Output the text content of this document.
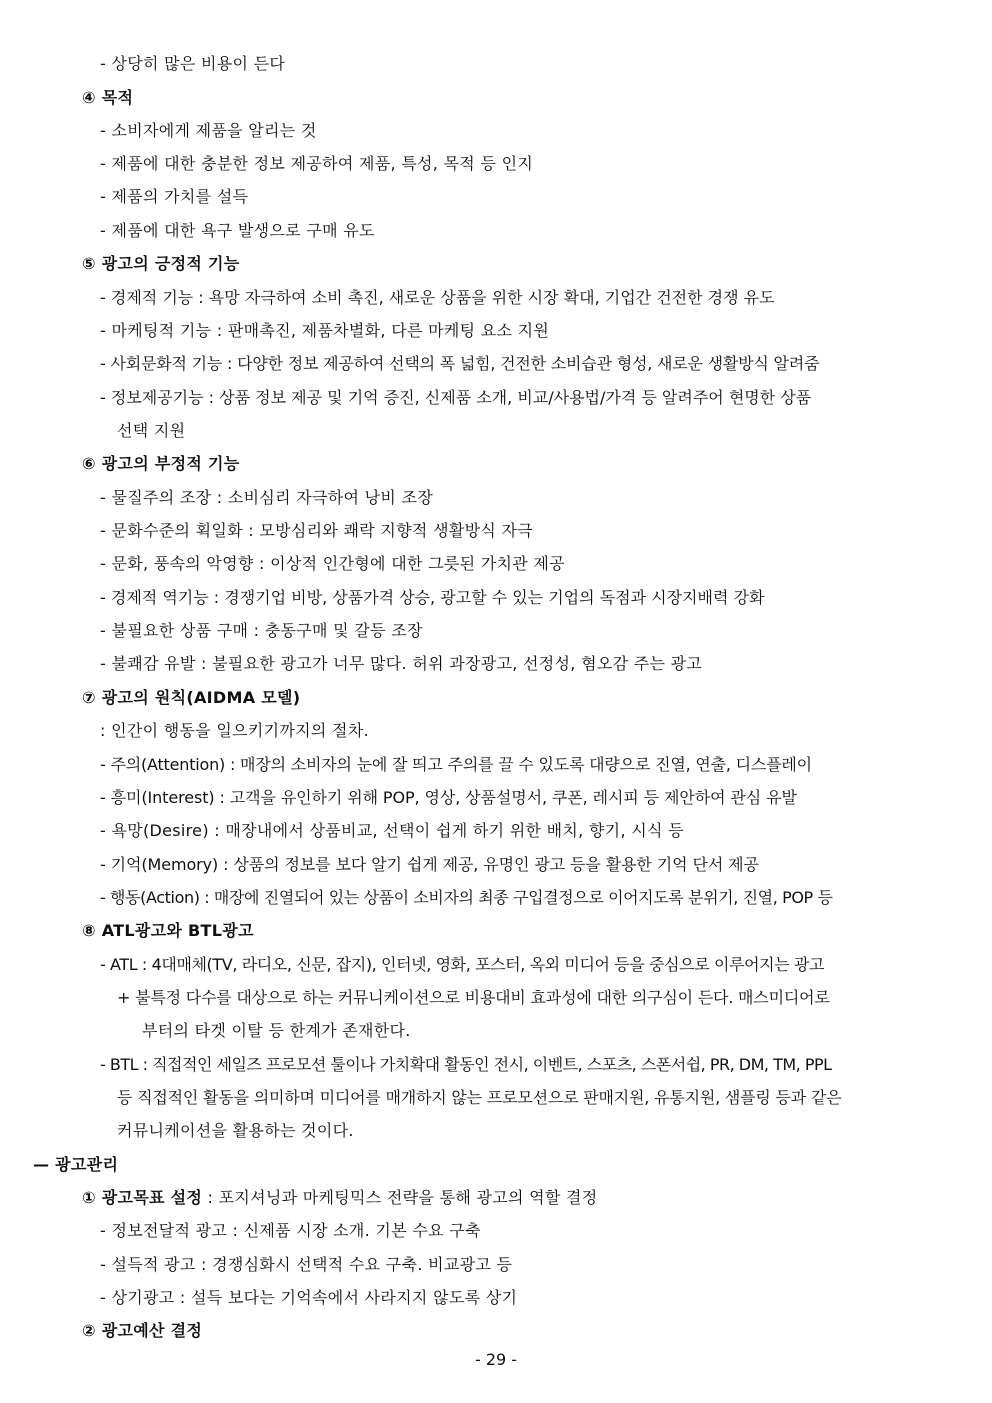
- 상당히 많은 비용이 든다
④ 목적
- 소비자에게 제품을 알리는 것
- 제품에 대한 충분한 정보 제공하여 제품, 특성, 목적 등 인지
- 제품의 가치를 설득
- 제품에 대한 욕구 발생으로 구매 유도
⑤ 광고의 긍정적 기능
- 경제적 기능 : 욕망 자극하여 소비 촉진, 새로운 상품을 위한 시장 확대, 기업간 건전한 경쟁 유도
- 마케팅적 기능 : 판매촉진, 제품차별화, 다른 마케팅 요소 지원
- 사회문화적 기능 : 다양한 정보 제공하여 선택의 폭 넓힘, 건전한 소비습관 형성, 새로운 생활방식 알려줌
- 정보제공기능 : 상품 정보 제공 및 기억 증진, 신제품 소개, 비교/사용법/가격 등 알려주어 현명한 상품
선택 지원
⑥ 광고의 부정적 기능
- 물질주의 조장 : 소비심리 자극하여 낭비 조장
- 문화수준의 획일화 : 모방심리와 쾌락 지향적 생활방식 자극
- 문화, 풍속의 악영향 : 이상적 인간형에 대한 그릇된 가치관 제공
- 경제적 역기능 : 경쟁기업 비방, 상품가격 상승, 광고할 수 있는 기업의 독점과 시장지배력 강화
- 불필요한 상품 구매 : 충동구매 및 갈등 조장
- 불쾌감 유발 : 불필요한 광고가 너무 많다. 허위 과장광고, 선정성, 혐오감 주는 광고
⑦ 광고의 원칙(AIDMA 모델)
: 인간이 행동을 일으키기까지의 절차.
- 주의(Attention) : 매장의 소비자의 눈에 잘 띄고 주의를 끌 수 있도록 대량으로 진열, 연출, 디스플레이
- 흥미(Interest) : 고객을 유인하기 위해 POP, 영상, 상품설명서, 쿠폰, 레시피 등 제안하여 관심 유발
- 욕망(Desire) : 매장내에서 상품비교, 선택이 쉽게 하기 위한 배치, 향기, 시식 등
- 기억(Memory) : 상품의 정보를 보다 알기 쉽게 제공, 유명인 광고 등을 활용한 기억 단서 제공
- 행동(Action) : 매장에 진열되어 있는 상품이 소비자의 최종 구입결정으로 이어지도록 분위기, 진열, POP 등
⑧ ATL광고와 BTL광고
- ATL : 4대매체(TV, 라디오, 신문, 잡지), 인터넷, 영화, 포스터, 옥외 미디어 등을 중심으로 이루어지는 광고
+ 불특정 다수를 대상으로 하는 커뮤니케이션으로 비용대비 효과성에 대한 의구심이 든다. 매스미디어로
부터의 타겟 이탈 등 한계가 존재한다.
- BTL : 직접적인 세일즈 프로모션 툴이나 가치확대 활동인 전시, 이벤트, 스포츠, 스폰서쉽, PR, DM, TM, PPL
등 직접적인 활동을 의미하며 미디어를 매개하지 않는 프로모션으로 판매지원, 유통지원, 샘플링 등과 같은
커뮤니케이션을 활용하는 것이다.
— 광고관리
① 광고목표 설정 : 포지셔닝과 마케팅믹스 전략을 통해 광고의 역할 결정
- 정보전달적 광고 : 신제품 시장 소개. 기본 수요 구축
- 설득적 광고 : 경쟁심화시 선택적 수요 구축. 비교광고 등
- 상기광고 : 설득 보다는 기억속에서 사라지지 않도록 상기
② 광고예산 결정
- 29 -
